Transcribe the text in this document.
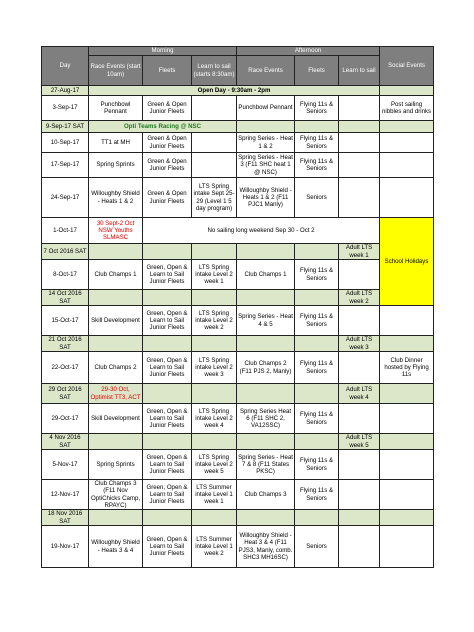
Day	Morning			Afternoon			Social Events
	Race Events (start 10am)	Fleets	Learn to sail (starts 8:30am)	Race Events	Fleets	Learn to sail	
27-Aug-17	Open Day - 9:30am - 2pm						
3-Sep-17	Punchbowl Pennant	Green & Open Junior Fleets		Punchbowl Pennant	Flying 11s & Seniors		Post sailing nibbles and drinks
9-Sep-17 SAT	Opti Teams Racing @ NSC						
10-Sep-17	TT1 at MH	Green & Open Junior Fleets		Spring Series - Heat 1 & 2	Flying 11s & Seniors		
17-Sep-17	Spring Sprints	Green & Open Junior Fleets		Spring Series - Heat 3 (F11 SHC heat 1 @ NSC)	Flying 11s & Seniors		
24-Sep-17	Willoughby Shield - Heats 1 & 2	Green & Open Junior Fleets	LTS Spring intake Sept 25-29 (Level 1 5 day program)	Willoughby Shield - Heats 1 & 2 (F11 PJC1 Manly)	Seniors		
1-Oct-17	30 Sept-2 Oct NSW Youths SLMASC	No sailing long weekend Sep 30 - Oct 2					School Holidays
7 Oct 2016 SAT						Adult LTS week 1	
8-Oct-17	Club Champs 1	Green, Open & Learn to Sail Junior Fleets	LTS Spring intake Level 2 week 1	Club Champs 1	Flying 11s & Seniors		
14 Oct 2016 SAT						Adult LTS week 2	
15-Oct-17	Skill Development	Green, Open & Learn to Sail Junior Fleets	LTS Spring intake Level 2 week 2	Spring Series - Heat 4 & 5	Flying 11s & Seniors		
21 Oct 2016 SAT						Adult LTS week 3	
22-Oct-17	Club Champs 2	Green, Open & Learn to Sail Junior Fleets	LTS Spring intake Level 2 week 3	Club Champs 2 (F11 PJS 2, Manly)	Flying 11s & Seniors		Club Dinner hosted by Flying 11s
29 Oct 2016 SAT	29-30 Oct, Optimist TT3, ACT					Adult LTS week 4	
29-Oct-17	Skill Development	Green, Open & Learn to Sail Junior Fleets	LTS Spring intake Level 2 week 4	Spring Series Heat 6 (F11 SHC 2, VA12SSC)	Flying 11s & Seniors		
4 Nov 2016 SAT						Adult LTS week 5	
5-Nov-17	Spring Sprints	Green, Open & Learn to Sail Junior Fleets	LTS Spring intake Level 2 week 5	Spring Series - Heat 7 & 8 (F11 States PKSC)	Flying 11s & Seniors		
12-Nov-17	Club Champs 3 (F11 Nov OptiChicks Camp, RPAYC)	Green, Open & Learn to Sail Junior Fleets	LTS Summer intake Level 1 week 1	Club Champs 3	Flying 11s & Seniors		
18 Nov 2016 SAT							
19-Nov-17	Willoughby Shield - Heats 3 & 4	Green, Open & Learn to Sail Junior Fleets	LTS Summer intake Level 1 week 2	Willoughby Shield - Heat 3 & 4 (F11 PJS3, Manly, comb. SHC3 MH16SC)	Seniors		
